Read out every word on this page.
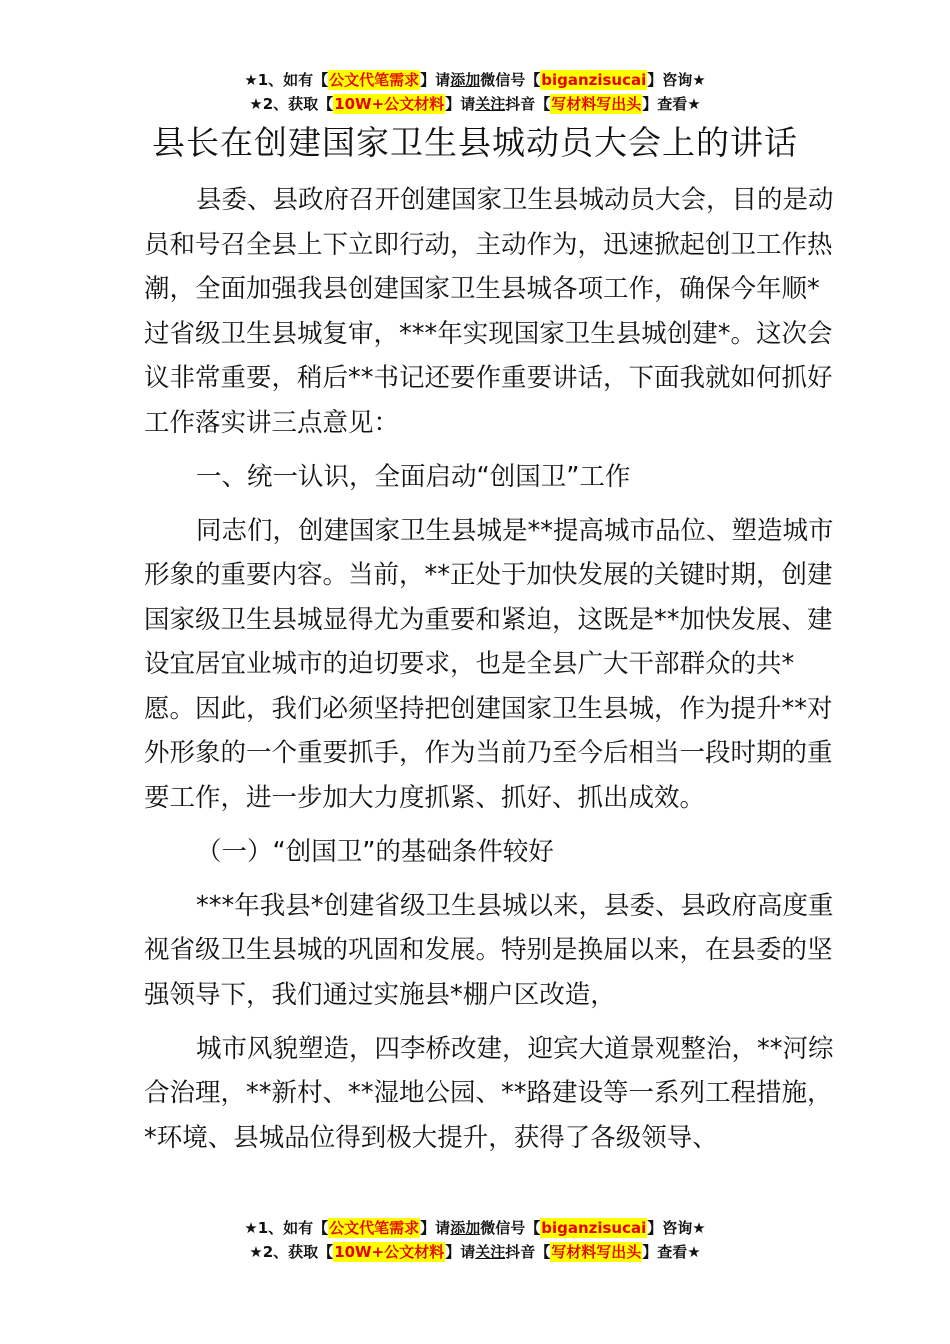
★1、如有【公文代笔需求】请添加微信号【biganzisucai】咨询★
★2、获取【10W+公文材料】请关注抖音【写材料写出头】查看★
县长在创建国家卫生县城动员大会上的讲话

县委、县政府召开创建国家卫生县城动员大会，目的是动员和号召全县上下立即行动，主动作为，迅速掀起创卫工作热潮，全面加强我县创建国家卫生县城各项工作，确保今年顺*过省级卫生县城复审，***年实现国家卫生县城创建*。这次会议非常重要，稍后**书记还要作重要讲话，下面我就如何抓好工作落实讲三点意见：

一、统一认识，全面启动“创国卫”工作

同志们，创建国家卫生县城是**提高城市品位、塑造城市形象的重要内容。当前，**正处于加快发展的关键时期，创建国家级卫生县城显得尤为重要和紧迫，这既是**加快发展、建设宜居宜业城市的迫切要求，也是全县广大干部群众的共*愿。因此，我们必须坚持把创建国家卫生县城，作为提升**对外形象的一个重要抓手，作为当前乃至今后相当一段时期的重要工作，进一步加大力度抓紧、抓好、抓出成效。

（一）“创国卫”的基础条件较好

***年我县*创建省级卫生县城以来，县委、县政府高度重视省级卫生县城的巩固和发展。特别是换届以来，在县委的坚强领导下，我们通过实施县*棚户区改造，

城市风貌塑造，四李桥改建，迎宾大道景观整治，**河综合治理，**新村、**湿地公园、**路建设等一系列工程措施，*环境、县城品位得到极大提升，获得了各级领导、

★1、如有【公文代笔需求】请添加微信号【biganzisucai】咨询★
★2、获取【10W+公文材料】请关注抖音【写材料写出头】查看★
